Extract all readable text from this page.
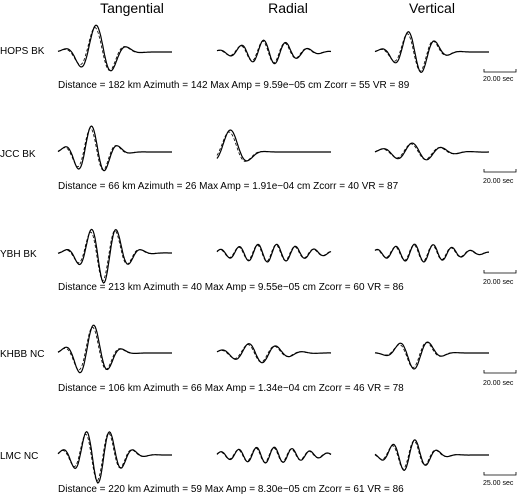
Tangential	Radial	Vertical
HOPS BK
JCC BK
YBH BK
KHBB NC
LMC NC
Distance = 182 km Azimuth = 142 Max Amp = 9.59e−05 cm Zcorr = 55 VR = 89
Distance = 66 km Azimuth = 26 Max Amp = 1.91e−04 cm Zcorr = 40 VR = 87
Distance = 213 km Azimuth = 40 Max Amp = 9.55e−05 cm Zcorr = 60 VR = 86
Distance = 106 km Azimuth = 66 Max Amp = 1.34e−04 cm Zcorr = 46 VR = 78
Distance = 220 km Azimuth = 59 Max Amp = 8.30e−05 cm Zcorr = 61 VR = 86
20.00 sec
20.00 sec
20.00 sec
20.00 sec
25.00 sec
